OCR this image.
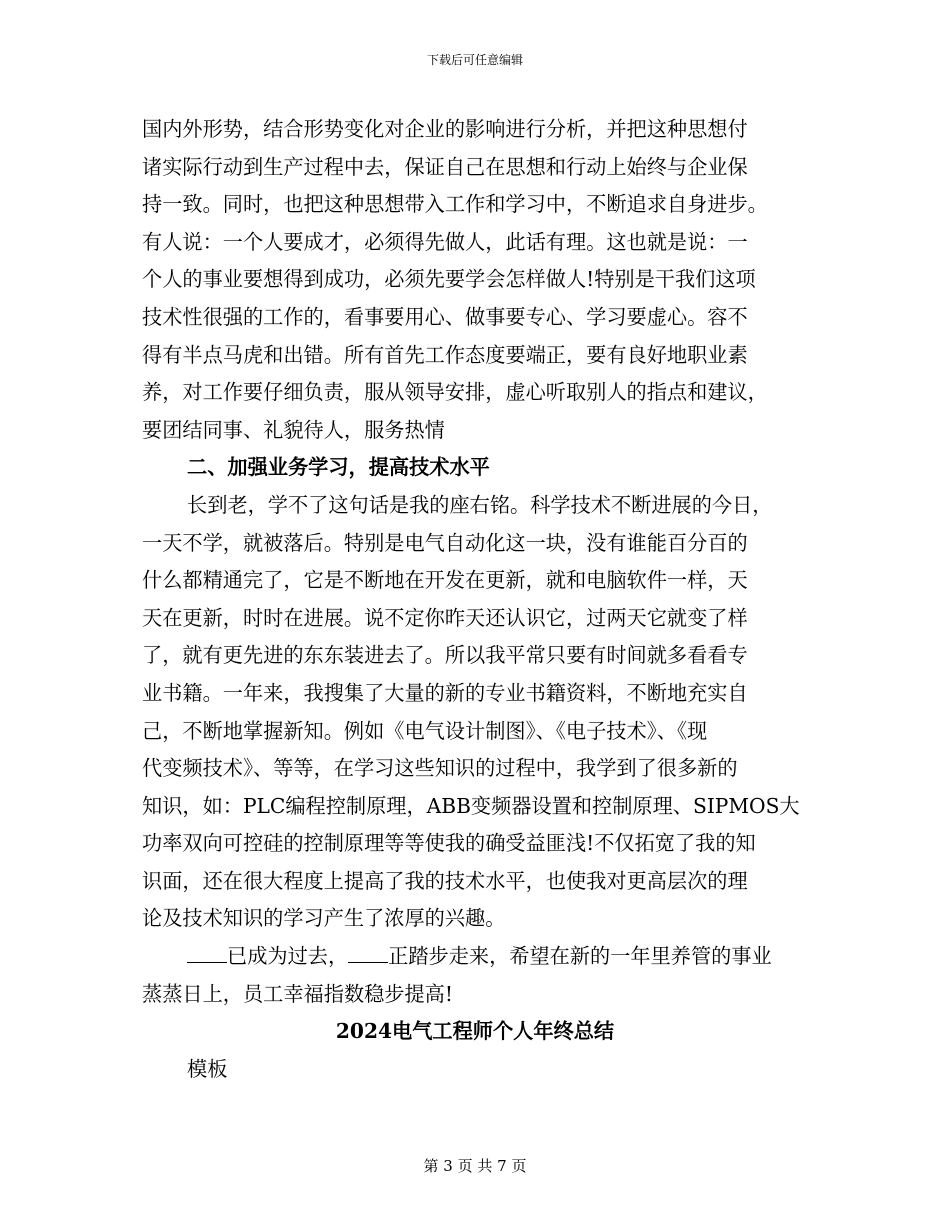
下载后可任意编辑
国内外形势，结合形势变化对企业的影响进行分析，并把这种思想付
诸实际行动到生产过程中去，保证自己在思想和行动上始终与企业保
持一致。同时，也把这种思想带入工作和学习中，不断追求自身进步。
有人说：一个人要成才，必须得先做人，此话有理。这也就是说：一
个人的事业要想得到成功，必须先要学会怎样做人!特别是干我们这项
技术性很强的工作的，看事要用心、做事要专心、学习要虚心。容不
得有半点马虎和出错。所有首先工作态度要端正，要有良好地职业素
养，对工作要仔细负责，服从领导安排，虚心听取别人的指点和建议，
要团结同事、礼貌待人，服务热情
二、加强业务学习，提高技术水平
长到老，学不了这句话是我的座右铭。科学技术不断进展的今日，
一天不学，就被落后。特别是电气自动化这一块，没有谁能百分百的
什么都精通完了，它是不断地在开发在更新，就和电脑软件一样，天
天在更新，时时在进展。说不定你昨天还认识它，过两天它就变了样
了，就有更先进的东东装进去了。所以我平常只要有时间就多看看专
业书籍。一年来，我搜集了大量的新的专业书籍资料，不断地充实自
己，不断地掌握新知。例如《电气设计制图》、《电子技术》、《现
代变频技术》、等等，在学习这些知识的过程中，我学到了很多新的
知识，如：PLC编程控制原理，ABB变频器设置和控制原理、SIPMOS大
功率双向可控硅的控制原理等等使我的确受益匪浅!不仅拓宽了我的知
识面，还在很大程度上提高了我的技术水平，也使我对更高层次的理
论及技术知识的学习产生了浓厚的兴趣。
已成为过去， 正踏步走来，希望在新的一年里养管的事业
蒸蒸日上，员工幸福指数稳步提高!
2024电气工程师个人年终总结
模板
第 3 页 共 7 页
